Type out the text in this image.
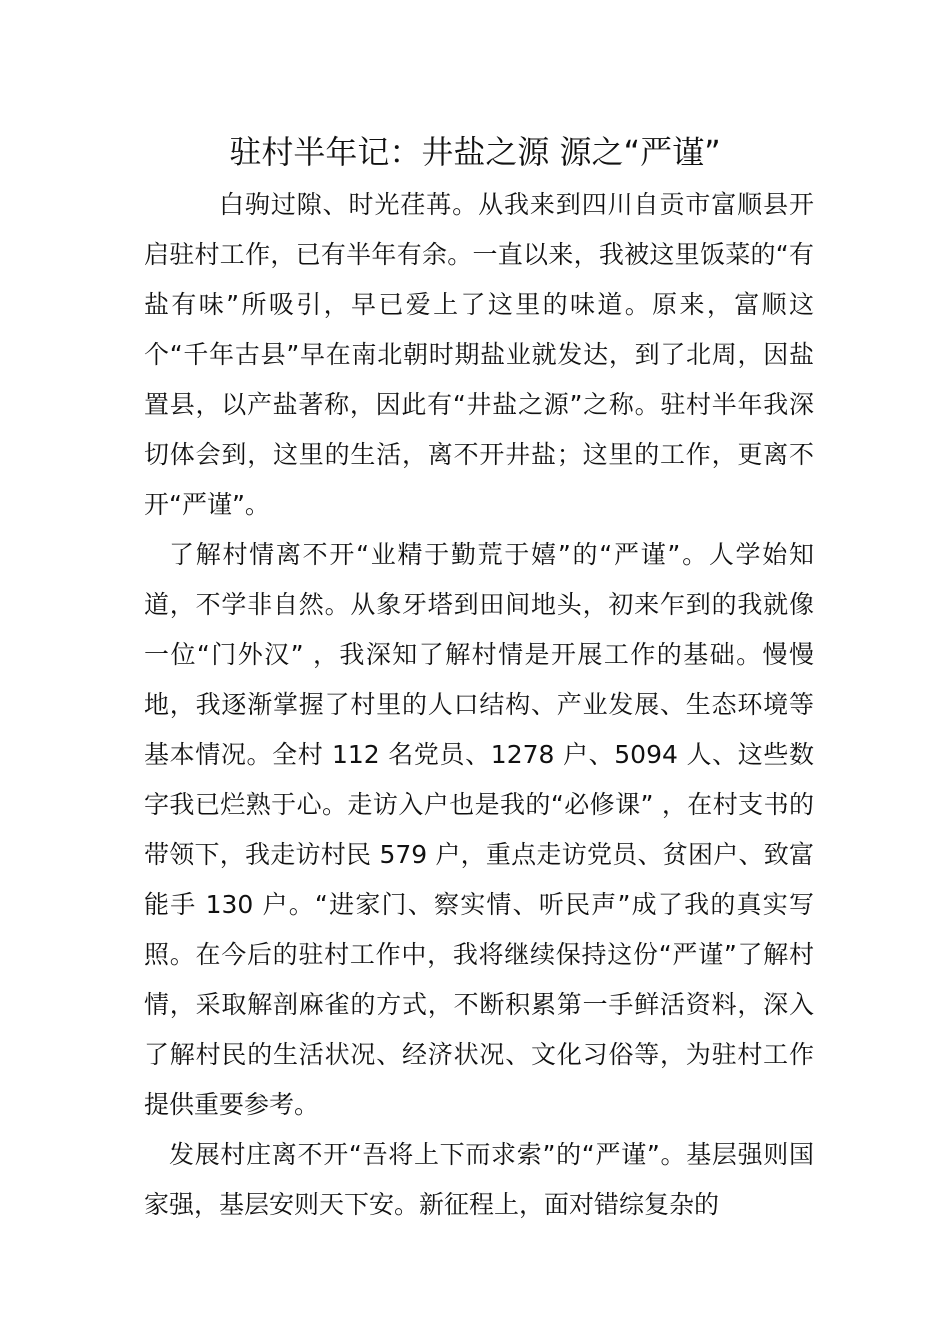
驻村半年记：井盐之源 源之“严谨”

白驹过隙、时光荏苒。从我来到四川自贡市富顺县开启驻村工作，已有半年有余。一直以来，我被这里饭菜的“有盐有味”所吸引，早已爱上了这里的味道。原来，富顺这个“千年古县”早在南北朝时期盐业就发达，到了北周，因盐置县，以产盐著称，因此有“井盐之源”之称。驻村半年我深切体会到，这里的生活，离不开井盐；这里的工作，更离不开“严谨”。

了解村情离不开“业精于勤荒于嬉”的“严谨”。人学始知道，不学非自然。从象牙塔到田间地头，初来乍到的我就像一位“门外汉” ，我深知了解村情是开展工作的基础。慢慢地，我逐渐掌握了村里的人口结构、产业发展、生态环境等基本情况。全村 112 名党员、1278 户、5094 人、这些数字我已烂熟于心。走访入户也是我的“必修课” ，在村支书的带领下，我走访村民 579 户，重点走访党员、贫困户、致富能手 130 户。“进家门、察实情、听民声”成了我的真实写照。在今后的驻村工作中，我将继续保持这份“严谨”了解村情，采取解剖麻雀的方式，不断积累第一手鲜活资料，深入了解村民的生活状况、经济状况、文化习俗等，为驻村工作提供重要参考。

发展村庄离不开“吾将上下而求索”的“严谨”。基层强则国家强，基层安则天下安。新征程上，面对错综复杂的
